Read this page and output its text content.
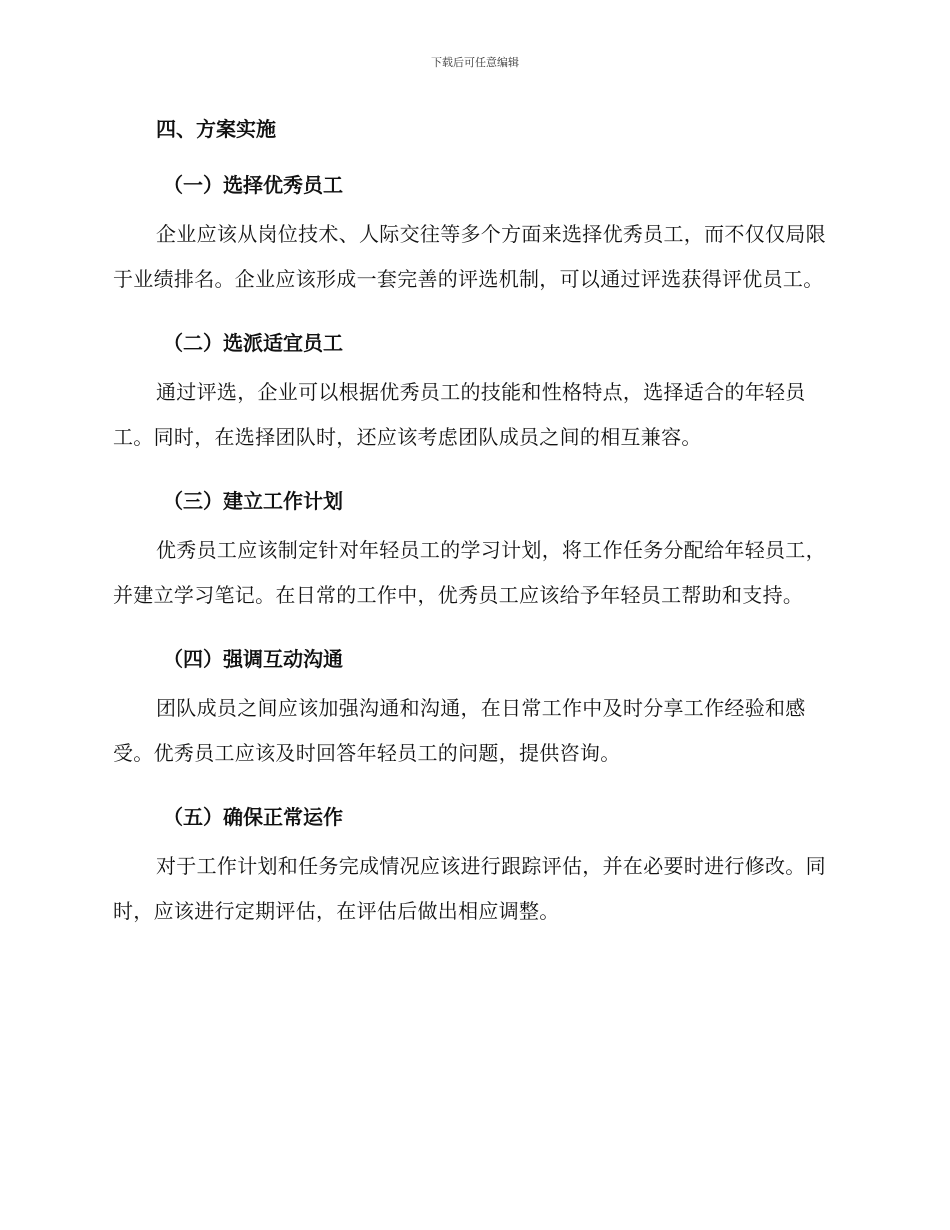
下载后可任意编辑
四、方案实施
（一）选择优秀员工

企业应该从岗位技术、人际交往等多个方面来选择优秀员工，而不仅仅局限于业绩排名。企业应该形成一套完善的评选机制，可以通过评选获得评优员工。

（二）选派适宜员工

通过评选，企业可以根据优秀员工的技能和性格特点，选择适合的年轻员工。同时，在选择团队时，还应该考虑团队成员之间的相互兼容。

（三）建立工作计划

优秀员工应该制定针对年轻员工的学习计划，将工作任务分配给年轻员工，并建立学习笔记。在日常的工作中，优秀员工应该给予年轻员工帮助和支持。

（四）强调互动沟通

团队成员之间应该加强沟通和沟通，在日常工作中及时分享工作经验和感受。优秀员工应该及时回答年轻员工的问题，提供咨询。

（五）确保正常运作

对于工作计划和任务完成情况应该进行跟踪评估，并在必要时进行修改。同时，应该进行定期评估，在评估后做出相应调整。
